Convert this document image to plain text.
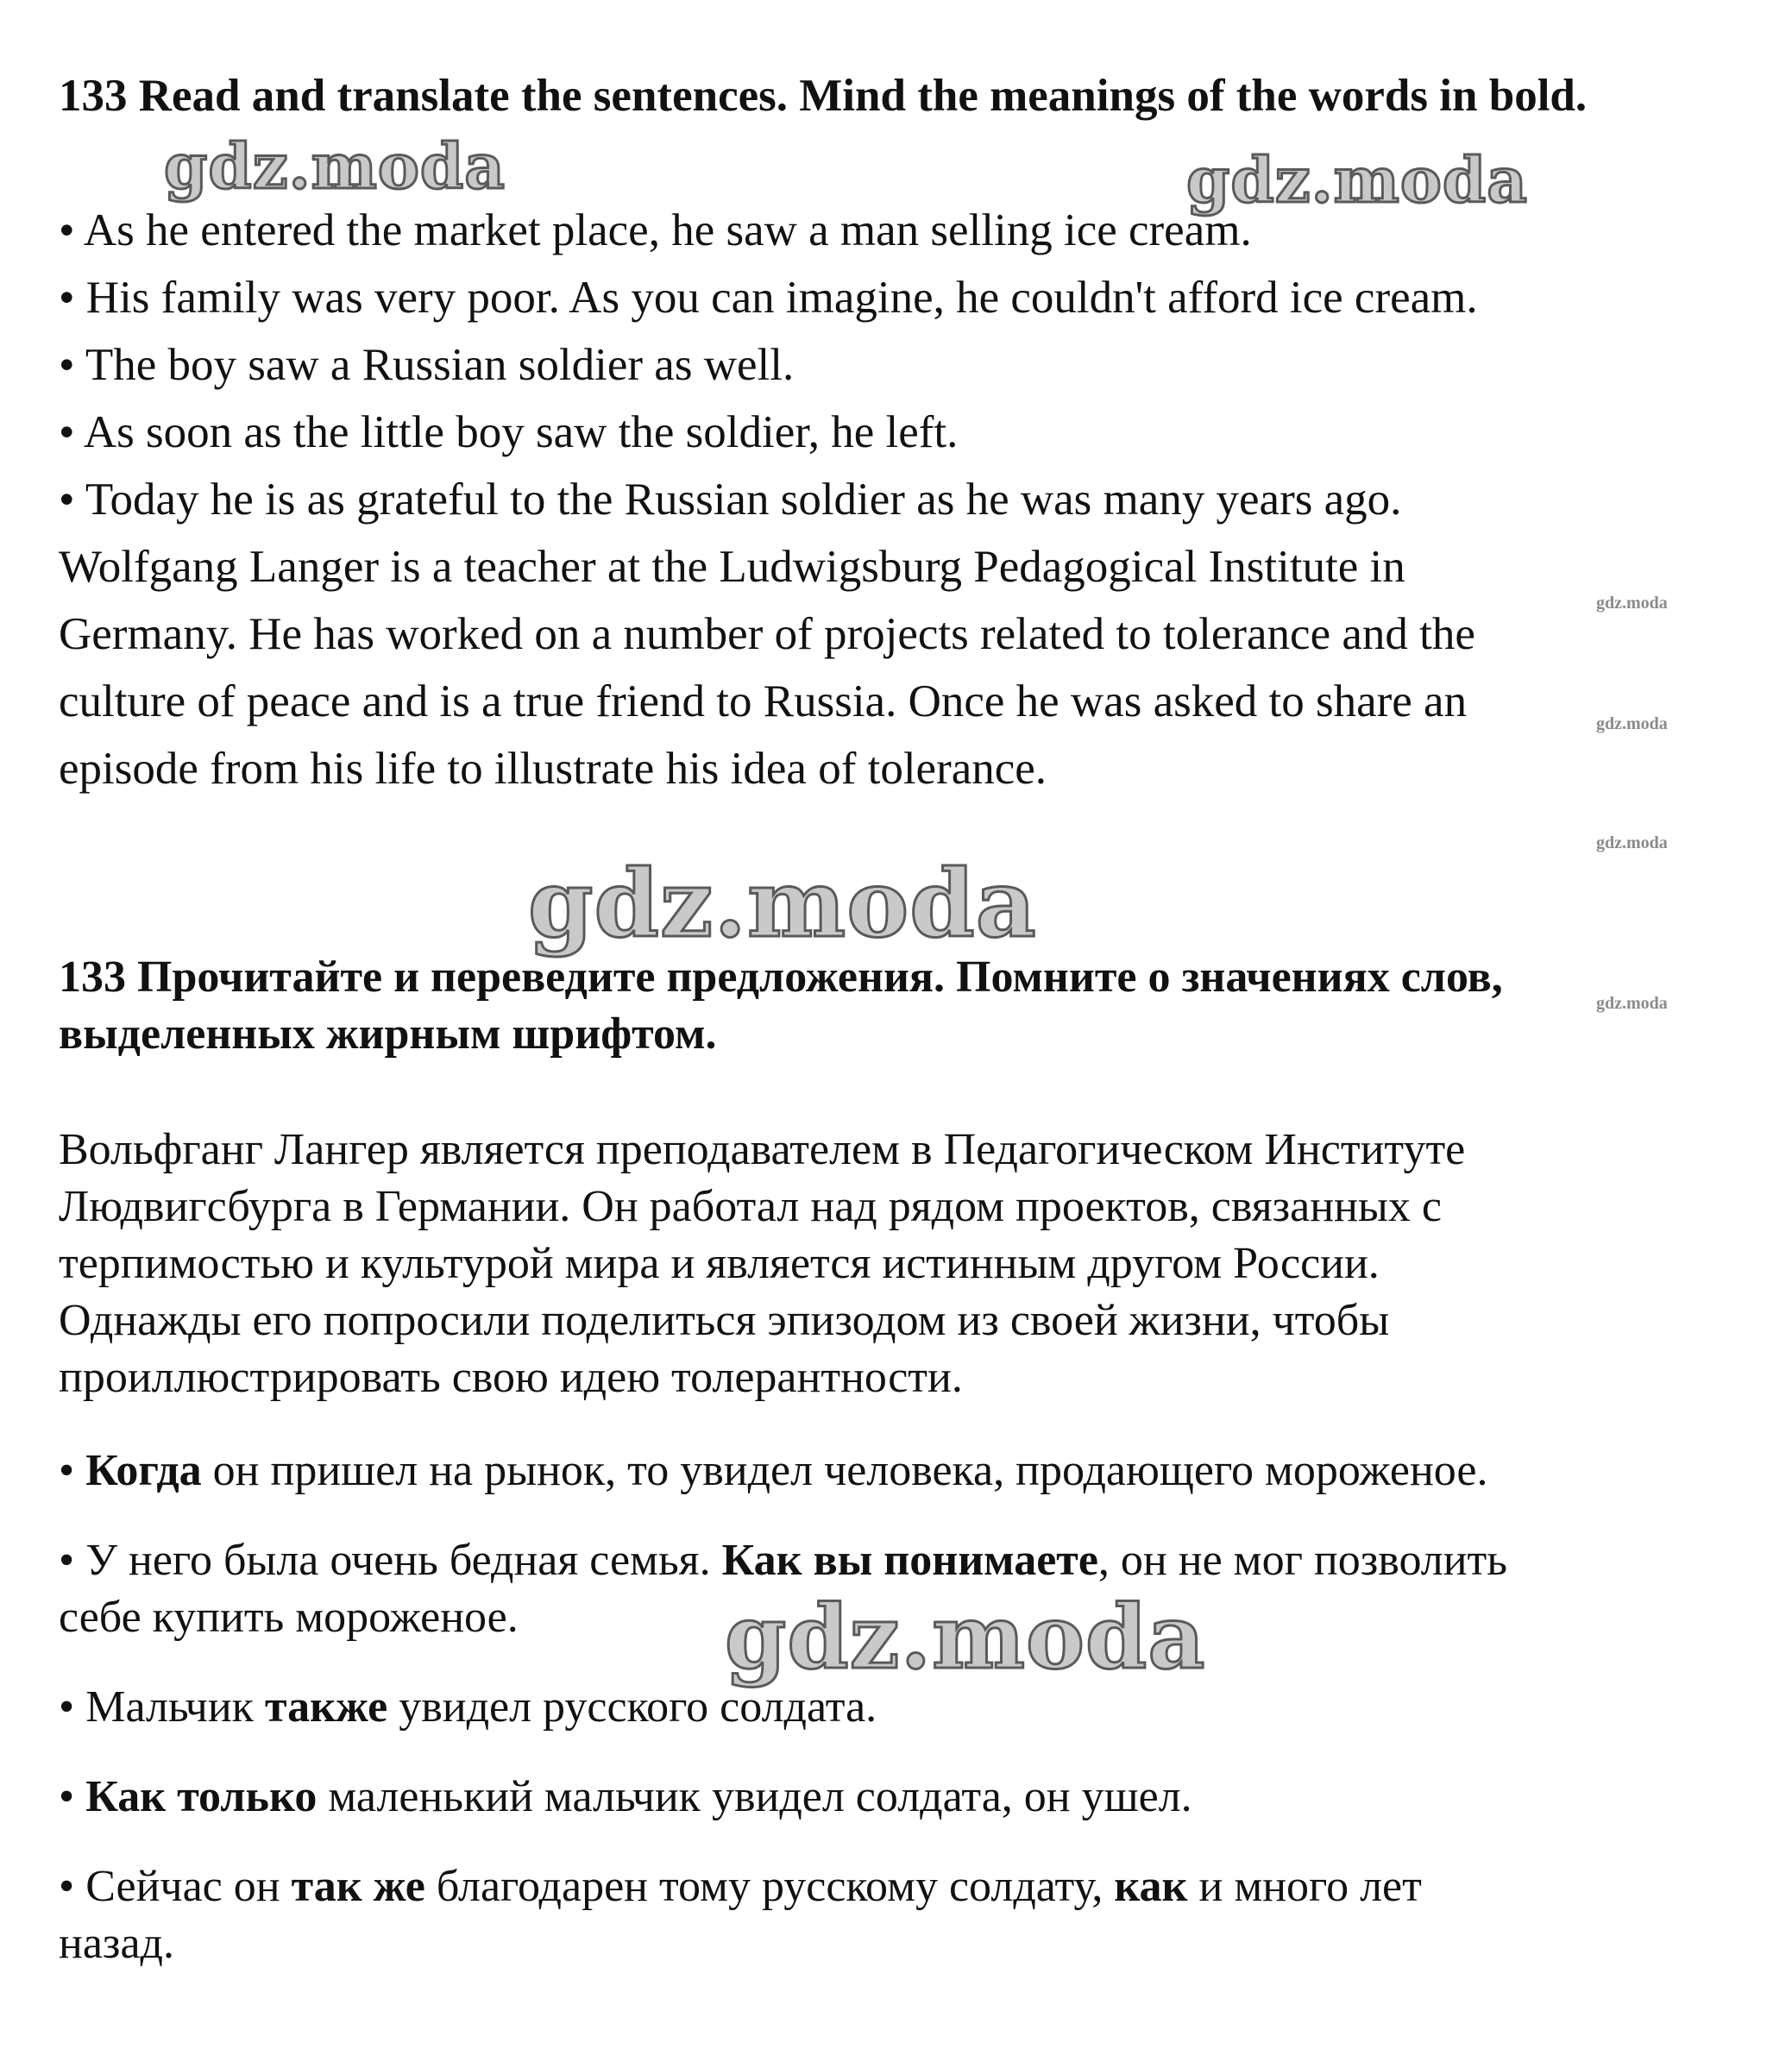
133 Read and translate the sentences. Mind the meanings of the words in bold.

• As he entered the market place, he saw a man selling ice cream.

• His family was very poor. As you can imagine, he couldn't afford ice cream.

• The boy saw a Russian soldier as well.

• As soon as the little boy saw the soldier, he left.

• Today he is as grateful to the Russian soldier as he was many years ago.

Wolfgang Langer is a teacher at the Ludwigsburg Pedagogical Institute in

Germany. He has worked on a number of projects related to tolerance and the

culture of peace and is a true friend to Russia. Once he was asked to share an

episode from his life to illustrate his idea of tolerance.

133 Прочитайте и переведите предложения. Помните о значениях слов,

выделенных жирным шрифтом.

Вольфганг Лангер является преподавателем в Педагогическом Институте

Людвигсбурга в Германии. Он работал над рядом проектов, связанных с

терпимостью и культурой мира и является истинным другом России.

Однажды его попросили поделиться эпизодом из своей жизни, чтобы

проиллюстрировать свою идею толерантности.

• Когда он пришел на рынок, то увидел человека, продающего мороженое.

• У него была очень бедная семья. Как вы понимаете, он не мог позволить

себе купить мороженое.

• Мальчик также увидел русского солдата.

• Как только маленький мальчик увидел солдата, он ушел.

• Сейчас он так же благодарен тому русскому солдату, как и много лет

назад.

gdz.moda	gdz.moda
gdz.moda
gdz.moda
gdz.moda
gdz.moda
gdz.moda
gdz.moda
